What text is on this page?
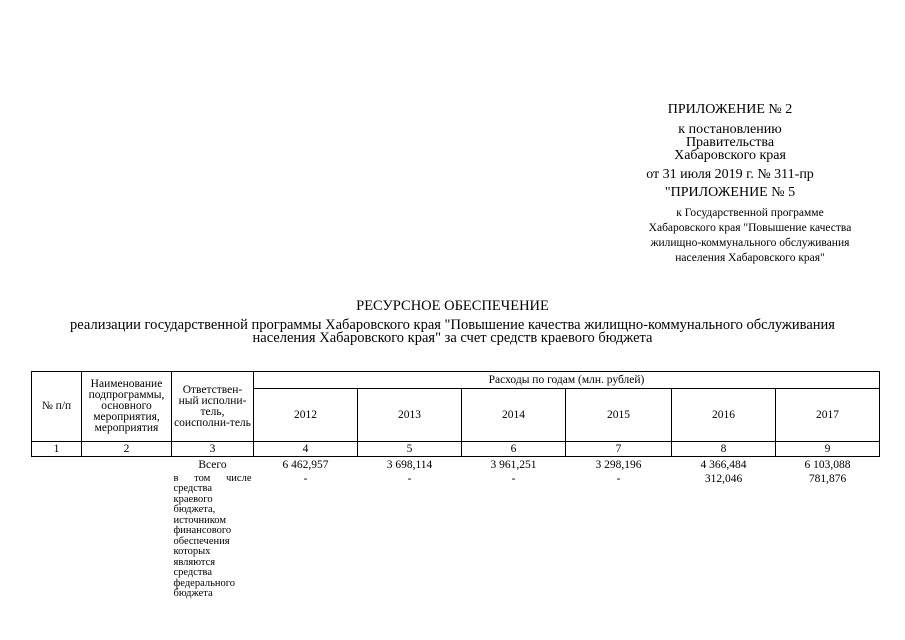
ПРИЛОЖЕНИЕ № 2
к постановлению
Правительства
Хабаровского края
от 31 июля 2019 г. № 311-пр
"ПРИЛОЖЕНИЕ № 5
к Государственной программе
Хабаровского края "Повышение качества
жилищно-коммунального обслуживания
населения Хабаровского края"
РЕСУРСНОЕ ОБЕСПЕЧЕНИЕ
реализации государственной программы Хабаровского края "Повышение качества жилищно-коммунального обслуживания
населения Хабаровского края" за счет средств краевого бюджета
№ п/п	Наименование подпрограммы, основного мероприятия, мероприятия	Ответствен-ный исполни-тель, соисполни-тель	Расходы по годам (млн. рублей)					
			2012	2013	2014	2015	2016	2017
1	2	3	4	5	6	7	8	9
		Всего	6 462,957	3 698,114	3 961,251	3 298,196	4 366,484	6 103,088
		в том числе средства краевого бюджета, источником финансового обеспечения которых являются средства федерального бюджета	-	-	-	-	312,046	781,876
